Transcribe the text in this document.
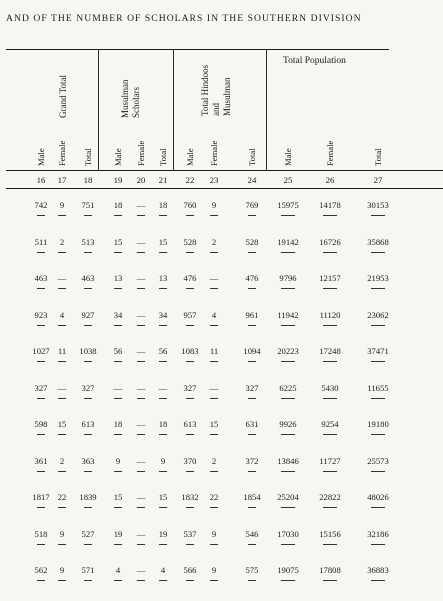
AND OF THE NUMBER OF SCHOLARS IN THE SOUTHERN DIVISION
Grand Total	Musulman Scholars	Total Hindoos and Musulman
Total Population
Male Female Total Male Female Total Male Female	Total	Male	Female	Total
16	17	18	19	20	21	22	23	24	25	26	27
742	9	751	18	—	18	760	9	769	15975	14178	30153
511	2	513	15	—	15	528	2	528	19142	16726	35868
463	—	463	13	—	13	476	—	476	9796	12157	21953
923	4	927	34	—	34	957	4	961	11942	11120	23062
1027 11	1038	56	—	56	1083	11	1094	20223	17248	37471
327	—	327	—	—	—	327	—	327	6225	5430	11655
598	15	613	18	—	18	613	15	631	9926	9254	19180
361	2	363	9	—	9	370	2	372	13846	11727	25573
1817 22	1839	15	—	15	1832	22	1854	25204	22822	48026
518	9	527	19	—	19	537	9	546	17030	15156	32186
562	9	571	4	—	4	566	9	575	19075	17808	36883
